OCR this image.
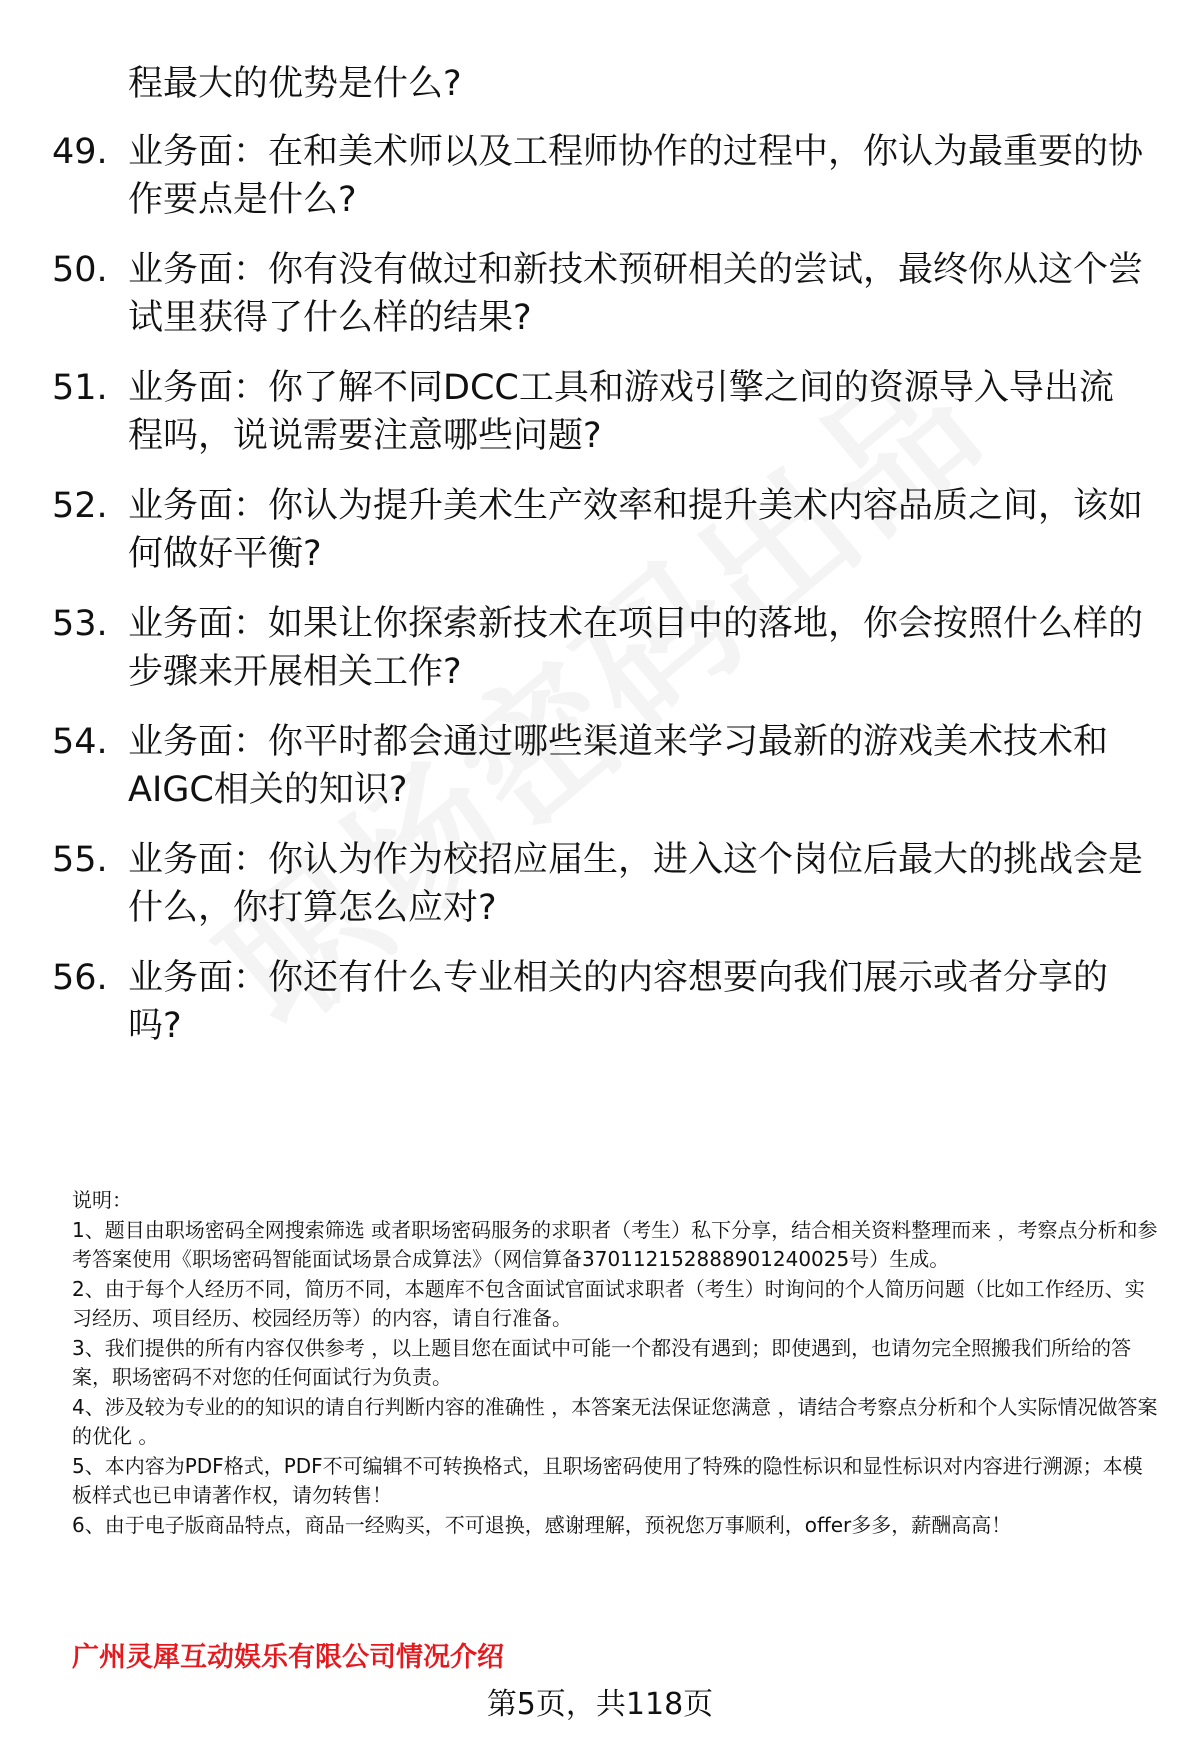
程最大的优势是什么?

49. 业务面：在和美术师以及工程师协作的过程中，你认为最重要的协作要点是什么?
50. 业务面：你有没有做过和新技术预研相关的尝试，最终你从这个尝试里获得了什么样的结果?
51. 业务面：你了解不同DCC工具和游戏引擎之间的资源导入导出流程吗，说说需要注意哪些问题?
52. 业务面：你认为提升美术生产效率和提升美术内容品质之间，该如何做好平衡?
53. 业务面：如果让你探索新技术在项目中的落地，你会按照什么样的步骤来开展相关工作?
54. 业务面：你平时都会通过哪些渠道来学习最新的游戏美术技术和AIGC相关的知识?
55. 业务面：你认为作为校招应届生，进入这个岗位后最大的挑战会是什么，你打算怎么应对?
56. 业务面：你还有什么专业相关的内容想要向我们展示或者分享的吗?

说明：

1、题目由职场密码全网搜索筛选 或者职场密码服务的求职者（考生）私下分享，结合相关资料整理而来 ，考察点分析和参考答案使用《职场密码智能面试场景合成算法》（网信算备370112152888901240025号）生成。

2、由于每个人经历不同，简历不同，本题库不包含面试官面试求职者（考生）时询问的个人简历问题（比如工作经历、实习经历、项目经历、校园经历等）的内容，请自行准备。

3、我们提供的所有内容仅供参考 ，以上题目您在面试中可能一个都没有遇到；即使遇到，也请勿完全照搬我们所给的答案，职场密码不对您的任何面试行为负责。

4、涉及较为专业的的知识的请自行判断内容的准确性 ，本答案无法保证您满意 ，请结合考察点分析和个人实际情况做答案的优化 。

5、本内容为PDF格式，PDF不可编辑不可转换格式，且职场密码使用了特殊的隐性标识和显性标识对内容进行溯源；本模板样式也已申请著作权，请勿转售！

6、由于电子版商品特点，商品一经购买，不可退换，感谢理解，预祝您万事顺利，offer多多，薪酬高高！

广州灵犀互动娱乐有限公司情况介绍
第5页，共118页
